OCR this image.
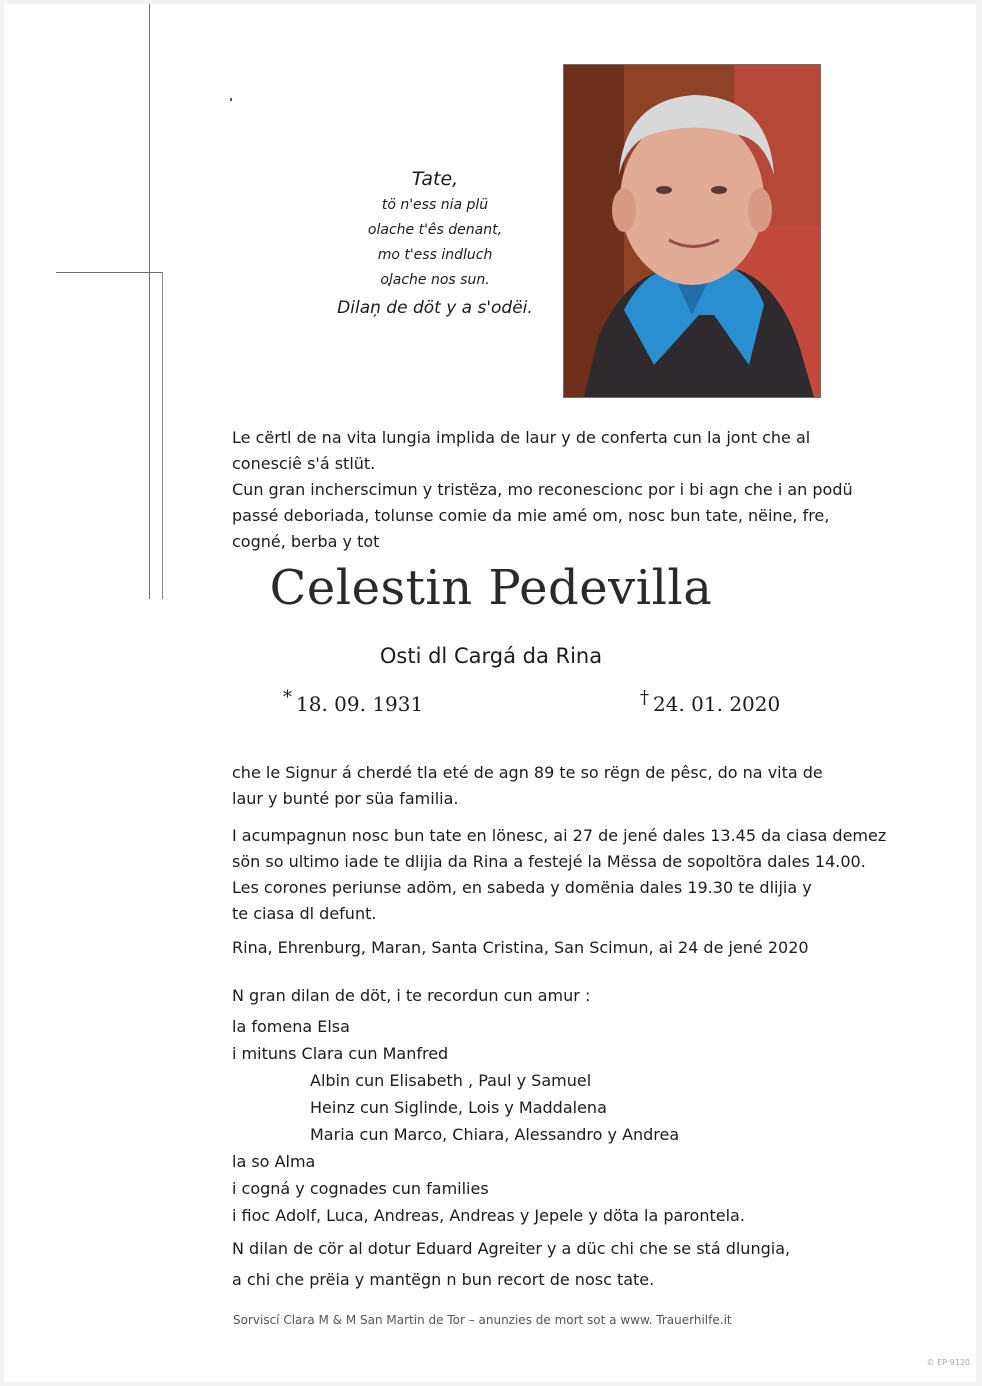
Tate,
tö n'ess nia plü
olache t'ês denant,
mo t'ess indluch
olache nos sun.
Dilaņ de döt y a s'odëi.
Le cërtl de na vita lungia implida de laur y de conferta cun la jont che al
conesciê s'á stlüt.
Cun gran incherscimun y tristëza, mo reconescionc por i bi agn che i an podü
passé deboriada, tolunse comie da mie amé om, nosc bun tate, nëine, fre,
cogné, berba y tot
Celestin Pedevilla
Osti dl Cargá da Rina
* 18. 09. 1931	† 24. 01. 2020
che le Signur á cherdé tla eté de agn 89 te so rëgn de pêsc, do na vita de
laur y bunté por süa familia.
I acumpagnun nosc bun tate en lönesc, ai 27 de jené dales 13.45 da ciasa demez
sön so ultimo iade te dlijia da Rina a festejé la Mëssa de sopoltöra dales 14.00.
Les corones periunse adöm, en sabeda y domënia dales 19.30 te dlijia y
te ciasa dl defunt.
Rina, Ehrenburg, Maran, Santa Cristina, San Scimun, ai 24 de jené 2020
N gran dilan de döt, i te recordun cun amur :
la fomena Elsa
i mituns Clara cun Manfred
Albin cun Elisabeth , Paul y Samuel
Heinz cun Siglinde, Lois y Maddalena
Maria cun Marco, Chiara, Alessandro y Andrea
la so Alma
i cogná y cognades cun families
i fioc Adolf, Luca, Andreas, Andreas y Jepele y döta la parontela.
N dilan de cör al dotur Eduard Agreiter y a düc chi che se stá dlungia,
a chi che prëia y mantëgn n bun recort de nosc tate.
Sorviscí Clara M & M San Martin de Tor – anunzies de mort sot a www. Trauerhilfe.it
© EP 9120
